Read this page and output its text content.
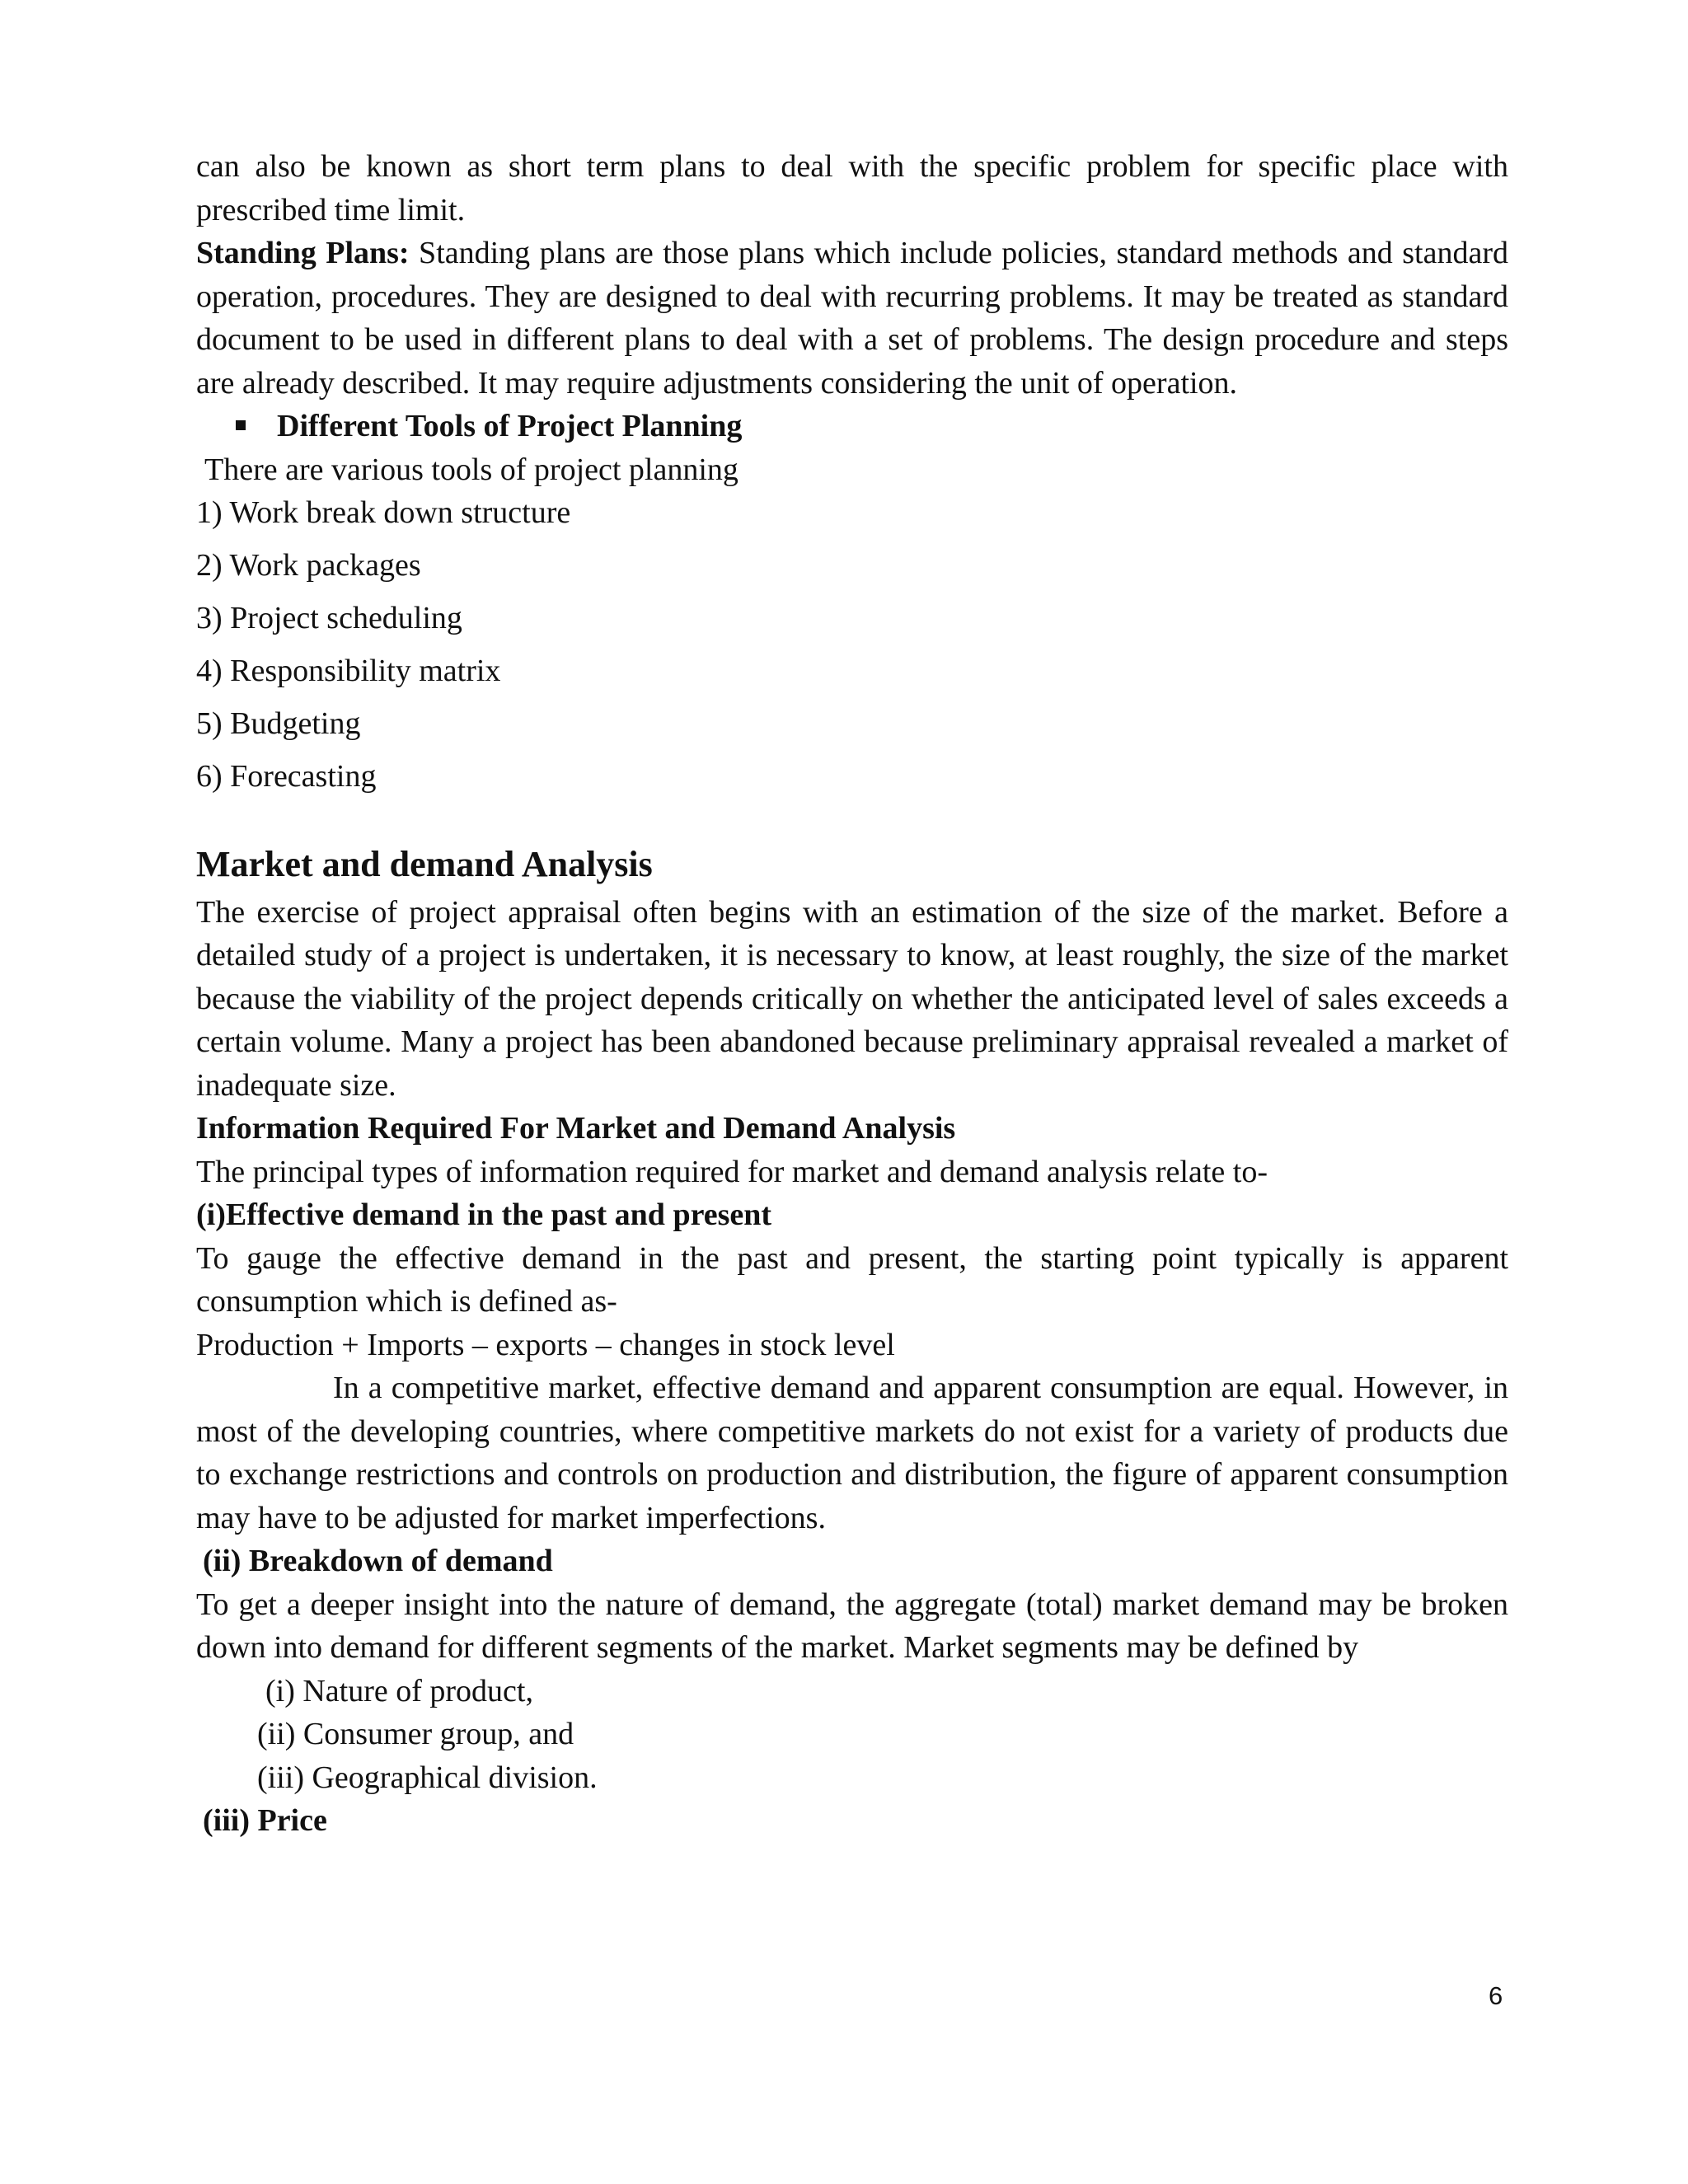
can also be known as short term plans to deal with the specific problem for specific place with prescribed time limit.

Standing Plans: Standing plans are those plans which include policies, standard methods and standard operation, procedures. They are designed to deal with recurring problems. It may be treated as standard document to be used in different plans to deal with a set of problems. The design procedure and steps are already described. It may require adjustments considering the unit of operation.

Different Tools of Project Planning

There are various tools of project planning

1) Work break down structure

2) Work packages

3) Project scheduling

4) Responsibility matrix

5) Budgeting

6) Forecasting

Market and demand Analysis

The exercise of project appraisal often begins with an estimation of the size of the market. Before a detailed study of a project is undertaken, it is necessary to know, at least roughly, the size of the market because the viability of the project depends critically on whether the anticipated level of sales exceeds a certain volume. Many a project has been abandoned because preliminary appraisal revealed a market of inadequate size.

Information Required For Market and Demand Analysis

The principal types of information required for market and demand analysis relate to-

(i)Effective demand in the past and present

To gauge the effective demand in the past and present, the starting point typically is apparent consumption which is defined as-

Production + Imports – exports – changes in stock level

In a competitive market, effective demand and apparent consumption are equal. However, in most of the developing countries, where competitive markets do not exist for a variety of products due to exchange restrictions and controls on production and distribution, the figure of apparent consumption may have to be adjusted for market imperfections.

(ii) Breakdown of demand

To get a deeper insight into the nature of demand, the aggregate (total) market demand may be broken down into demand for different segments of the market. Market segments may be defined by

(i) Nature of product,

(ii) Consumer group, and

(iii) Geographical division.

(iii) Price

6
